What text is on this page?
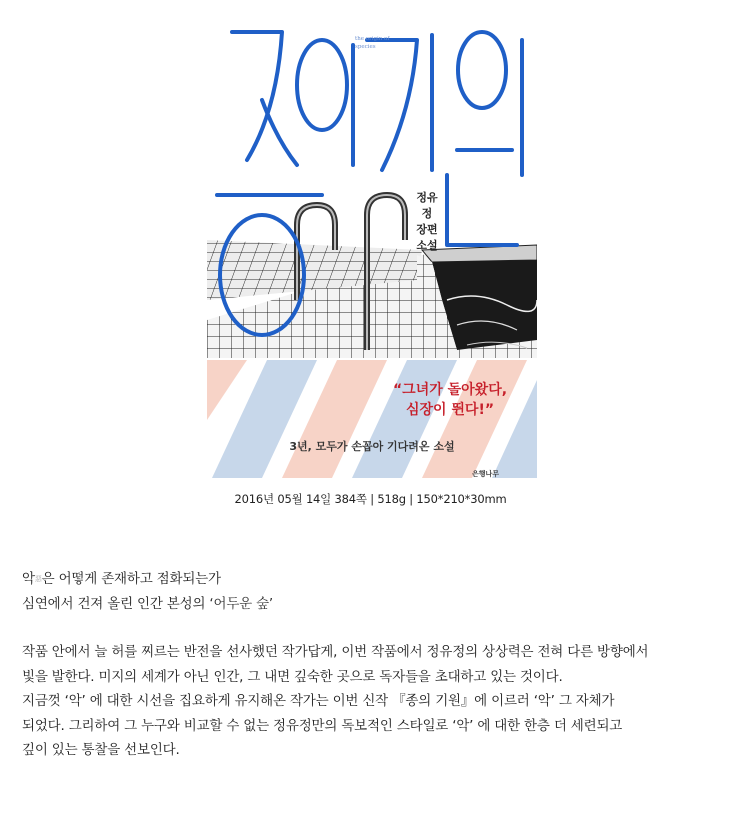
the origin of species
정유정
장편
소설
“그녀가 돌아왔다,
심장이 뛴다!”
3년, 모두가 손꼽아 기다려온 소설
은행나무
2016년 05월 14일 384쪽 | 518g | 150*210*30mm

악$^惡$은 어떻게 존재하고 점화되는가

심연에서 건져 올린 인간 본성의 ‘어두운 숲’

작품 안에서 늘 허를 찌르는 반전을 선사했던 작가답게, 이번 작품에서 정유정의 상상력은 전혀 다른 방향에서

빛을 발한다. 미지의 세계가 아닌 인간, 그 내면 깊숙한 곳으로 독자들을 초대하고 있는 것이다.

지금껏 ‘악’ 에 대한 시선을 집요하게 유지해온 작가는 이번 신작 『종의 기원』에 이르러 ‘악’ 그 자체가

되었다. 그리하여 그 누구와 비교할 수 없는 정유정만의 독보적인 스타일로 ‘악’ 에 대한 한층 더 세련되고

깊이 있는 통찰을 선보인다.
